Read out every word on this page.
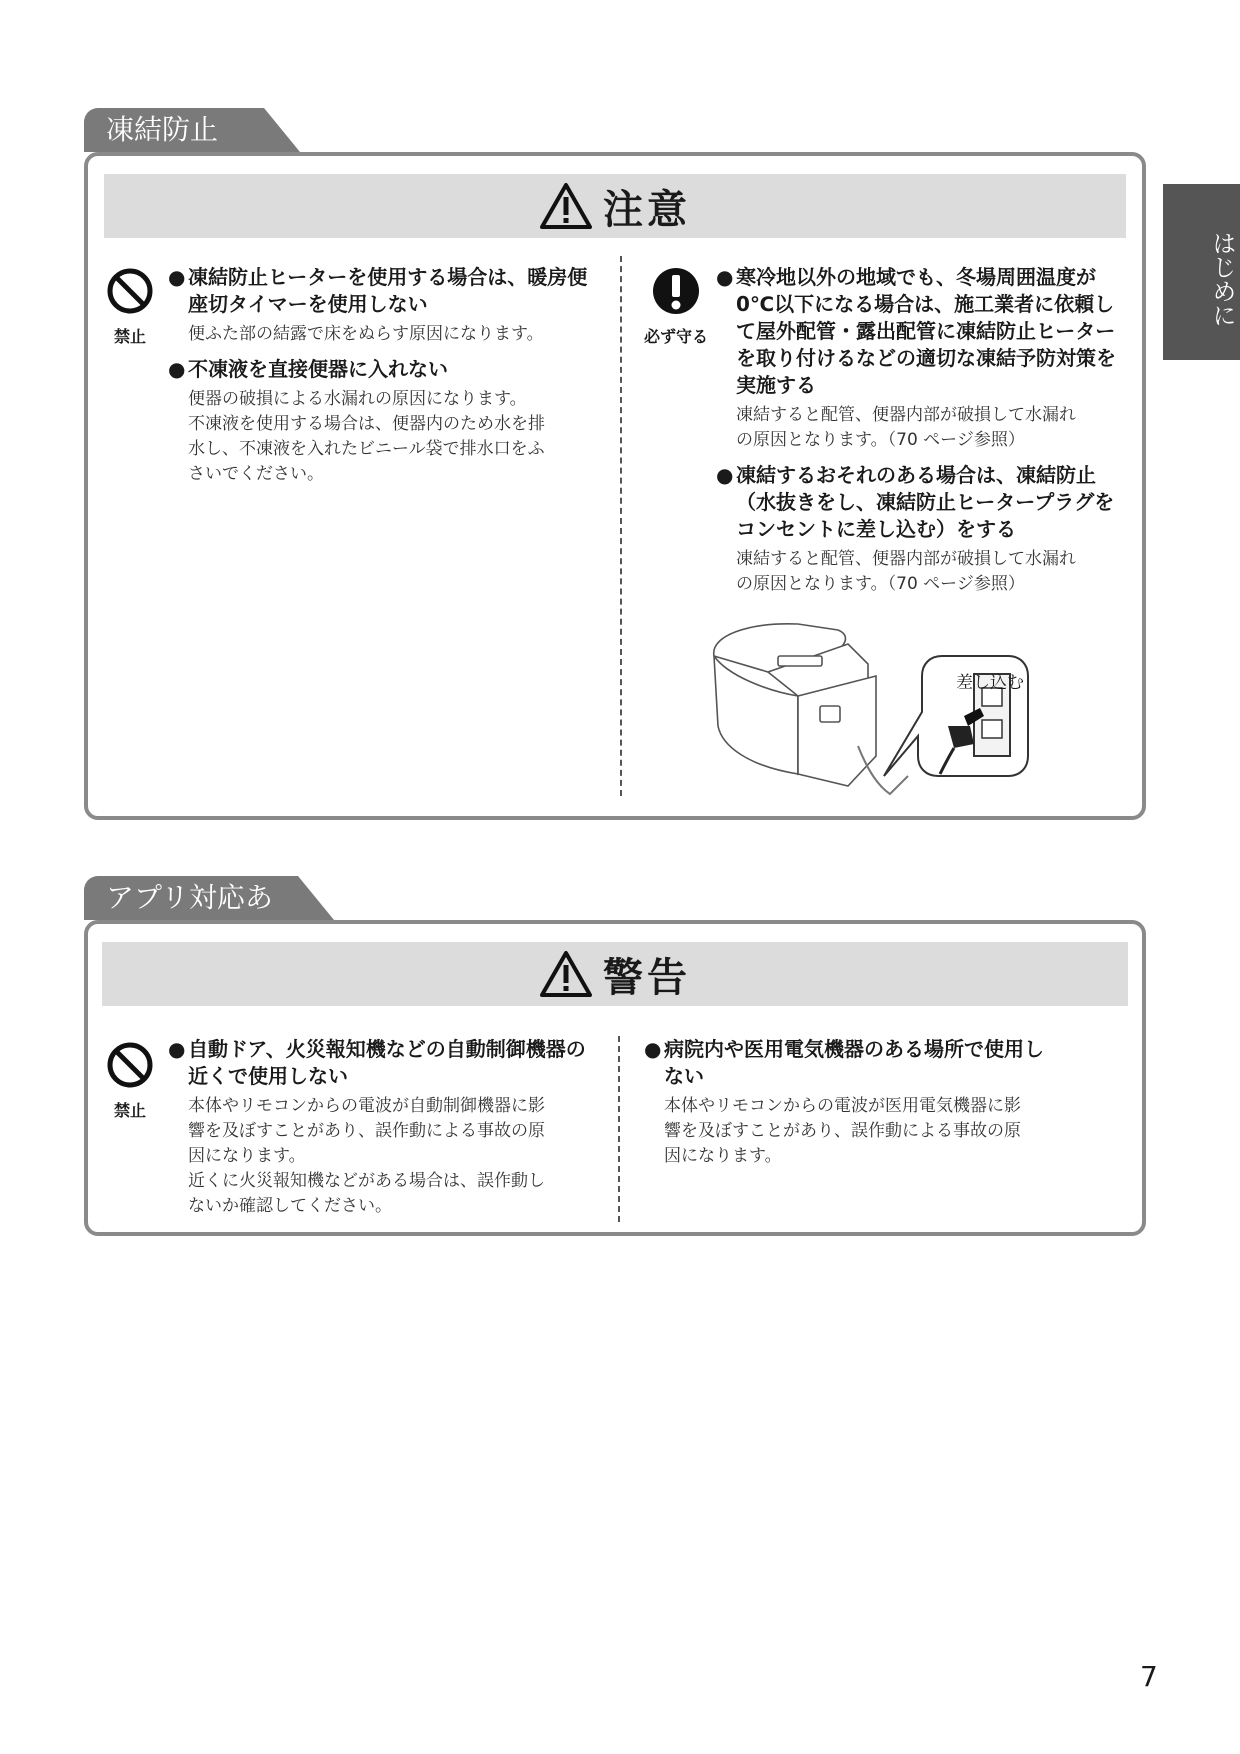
はじめに
凍結防止
注意
禁止
● 凍結防止ヒーターを使用する場合は、暖房便
座切タイマーを使用しない
便ふた部の結露で床をぬらす原因になります。
● 不凍液を直接便器に入れない
便器の破損による水漏れの原因になります。
不凍液を使用する場合は、便器内のため水を排
水し、不凍液を入れたビニール袋で排水口をふ
さいでください。
必ず守る
● 寒冷地以外の地域でも、冬場周囲温度が
0℃以下になる場合は、施工業者に依頼し
て屋外配管・露出配管に凍結防止ヒーター
を取り付けるなどの適切な凍結予防対策を
実施する
凍結すると配管、便器内部が破損して水漏れ
の原因となります。（70 ページ参照）
● 凍結するおそれのある場合は、凍結防止
（水抜きをし、凍結防止ヒータープラグを
コンセントに差し込む）をする
凍結すると配管、便器内部が破損して水漏れ
の原因となります。（70 ページ参照）
差し込む
アプリ対応あ
警告
禁止
● 自動ドア、火災報知機などの自動制御機器の
近くで使用しない
本体やリモコンからの電波が自動制御機器に影
響を及ぼすことがあり、誤作動による事故の原
因になります。
近くに火災報知機などがある場合は、誤作動し
ないか確認してください。
● 病院内や医用電気機器のある場所で使用し
ない
本体やリモコンからの電波が医用電気機器に影
響を及ぼすことがあり、誤作動による事故の原
因になります。
7
